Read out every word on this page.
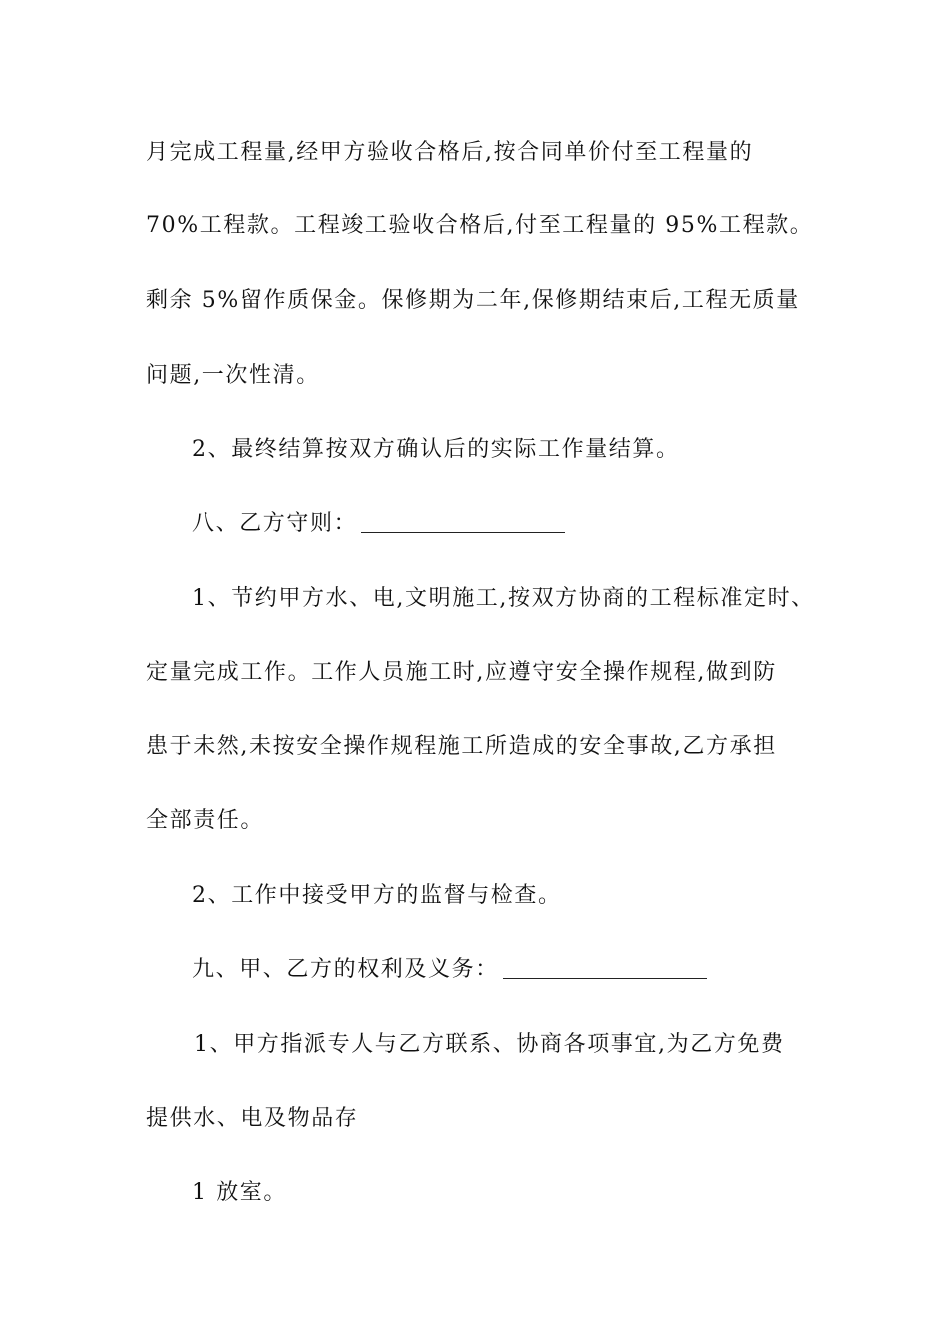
月完成工程量,经甲方验收合格后,按合同单价付至工程量的
70%工程款。工程竣工验收合格后,付至工程量的 95%工程款。
剩余 5%留作质保金。保修期为二年,保修期结束后,工程无质量
问题,一次性清。
2、最终结算按双方确认后的实际工作量结算。
八、乙方守则：
1、节约甲方水、电,文明施工,按双方协商的工程标准定时、
定量完成工作。工作人员施工时,应遵守安全操作规程,做到防
患于未然,未按安全操作规程施工所造成的安全事故,乙方承担
全部责任。
2、工作中接受甲方的监督与检查。
九、甲、乙方的权利及义务：
1、甲方指派专人与乙方联系、协商各项事宜,为乙方免费
提供水、电及物品存
1 放室。
